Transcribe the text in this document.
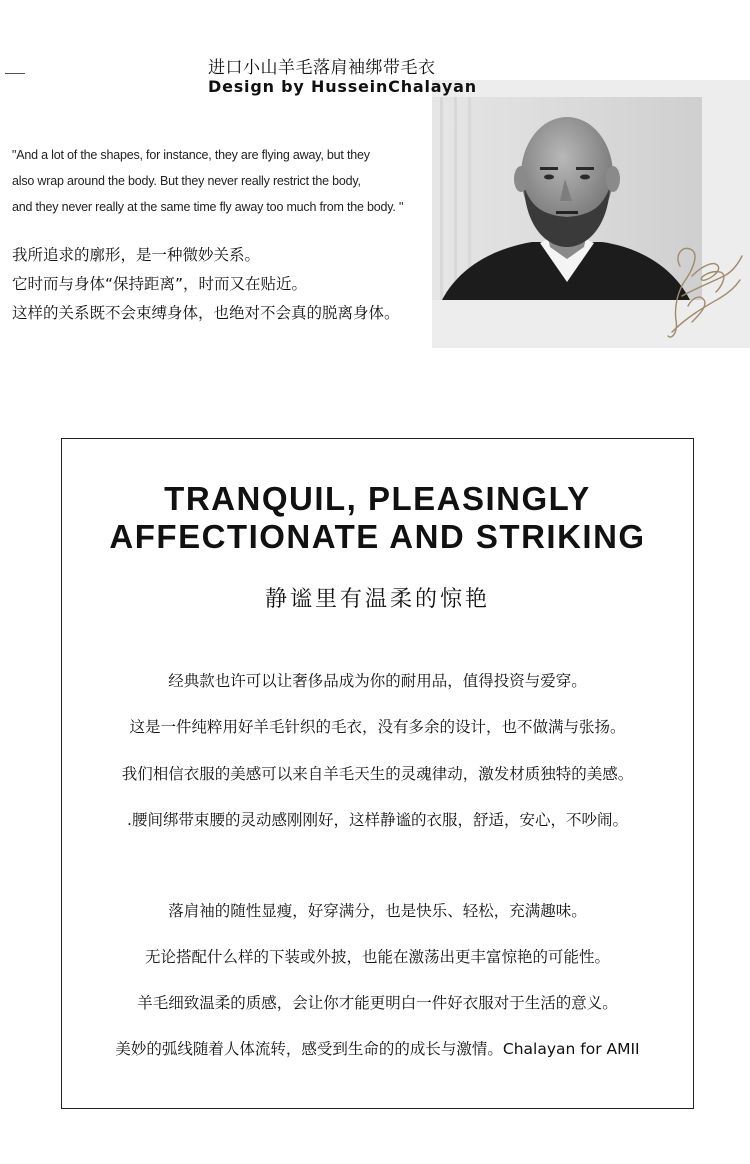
进口小山羊毛落肩袖绑带毛衣
Design by HusseinChalayan
"And a lot of the shapes, for instance, they are flying away, but they
also wrap around the body. But they never really restrict the body,
and they never really at the same time fly away too much from the body. "
我所追求的廓形，是一种微妙关系。
它时而与身体“保持距离”，时而又在贴近。
这样的关系既不会束缚身体，也绝对不会真的脱离身体。
TRANQUIL, PLEASINGLY
AFFECTIONATE AND STRIKING
静谧里有温柔的惊艳
经典款也许可以让奢侈品成为你的耐用品，值得投资与爱穿。
这是一件纯粹用好羊毛针织的毛衣，没有多余的设计，也不做满与张扬。
我们相信衣服的美感可以来自羊毛天生的灵魂律动，激发材质独特的美感。
.腰间绑带束腰的灵动感刚刚好，这样静谧的衣服，舒适，安心，不吵闹。
落肩袖的随性显瘦，好穿满分，也是快乐、轻松，充满趣味。
无论搭配什么样的下装或外披，也能在激荡出更丰富惊艳的可能性。
羊毛细致温柔的质感，会让你才能更明白一件好衣服对于生活的意义。
美妙的弧线随着人体流转，感受到生命的的成长与激情。Chalayan for AMII
